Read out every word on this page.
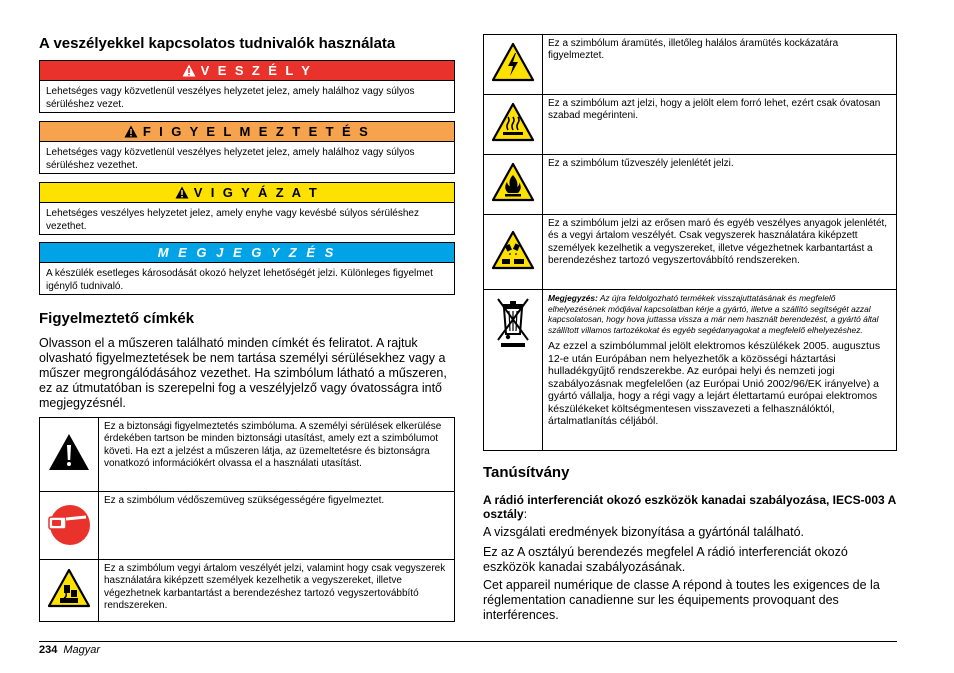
A veszélyekkel kapcsolatos tudnivalók használata
V E S Z É L Y
Lehetséges vagy közvetlenül veszélyes helyzetet jelez, amely halálhoz vagy súlyos sérüléshez vezet.
F I G Y E L M E Z T E T É S
Lehetséges vagy közvetlenül veszélyes helyzetet jelez, amely halálhoz vagy súlyos sérüléshez vezethet.
V I G Y Á Z A T
Lehetséges veszélyes helyzetet jelez, amely enyhe vagy kevésbé súlyos sérüléshez vezethet.
M E G J E G Y Z É S
A készülék esetleges károsodását okozó helyzet lehetőségét jelzi. Különleges figyelmet igénylő tudnivaló.
Figyelmeztető címkék

Olvasson el a műszeren található minden címkét és feliratot. A rajtuk olvasható figyelmeztetések be nem tartása személyi sérülésekhez vagy a műszer megrongálódásához vezethet. Ha szimbólum látható a műszeren, ez az útmutatóban is szerepelni fog a veszélyjelző vagy óvatosságra intő megjegyzésnél.

	Ez a biztonsági figyelmeztetés szimbóluma. A személyi sérülések elkerülése érdekében tartson be minden biztonsági utasítást, amely ezt a szimbólumot követi. Ha ezt a jelzést a műszeren látja, az üzemeltetésre és biztonságra vonatkozó információkért olvassa el a használati utasítást.
	Ez a szimbólum védőszemüveg szükségességére figyelmeztet.
	Ez a szimbólum vegyi ártalom veszélyét jelzi, valamint hogy csak vegyszerek használatára kiképzett személyek kezelhetik a vegyszereket, illetve végezhetnek karbantartást a berendezéshez tartozó vegyszertovábbító rendszereken.
	Ez a szimbólum áramütés, illetőleg halálos áramütés kockázatára figyelmeztet.
	Ez a szimbólum azt jelzi, hogy a jelölt elem forró lehet, ezért csak óvatosan szabad megérinteni.
	Ez a szimbólum tűzveszély jelenlétét jelzi.
	Ez a szimbólum jelzi az erősen maró és egyéb veszélyes anyagok jelenlétét, és a vegyi ártalom veszélyét. Csak vegyszerek használatára kiképzett személyek kezelhetik a vegyszereket, illetve végezhetnek karbantartást a berendezéshez tartozó vegyszertovábbító rendszereken.

Megjegyzés: Az újra feldolgozható termékek visszajuttatásának és megfelelő elhelyezésének módjával kapcsolatban kérje a gyártó, illetve a szállító segítségét azzal kapcsolatosan, hogy hova juttassa vissza a már nem használt berendezést, a gyártó által szállított villamos tartozékokat és egyéb segédanyagokat a megfelelő elhelyezéshez.
Az ezzel a szimbólummal jelölt elektromos készülékek 2005. augusztus 12-e után Európában nem helyezhetők a közösségi háztartási hulladékgyűjtő rendszerekbe. Az európai helyi és nemzeti jogi szabályozásnak megfelelően (az Európai Unió 2002/96/EK irányelve) a gyártó vállalja, hogy a régi vagy a lejárt élettartamú európai elektromos készülékeket költségmentesen visszavezeti a felhasználóktól, ártalmatlanítás céljából.
Tanúsítvány

A rádió interferenciát okozó eszközök kanadai szabályozása, IECS-003 A osztály:

A vizsgálati eredmények bizonyítása a gyártónál található.

Ez az A osztályú berendezés megfelel A rádió interferenciát okozó eszközök kanadai szabályozásának.

Cet appareil numérique de classe A répond à toutes les exigences de la réglementation canadienne sur les équipements provoquant des interférences.

234 Magyar
